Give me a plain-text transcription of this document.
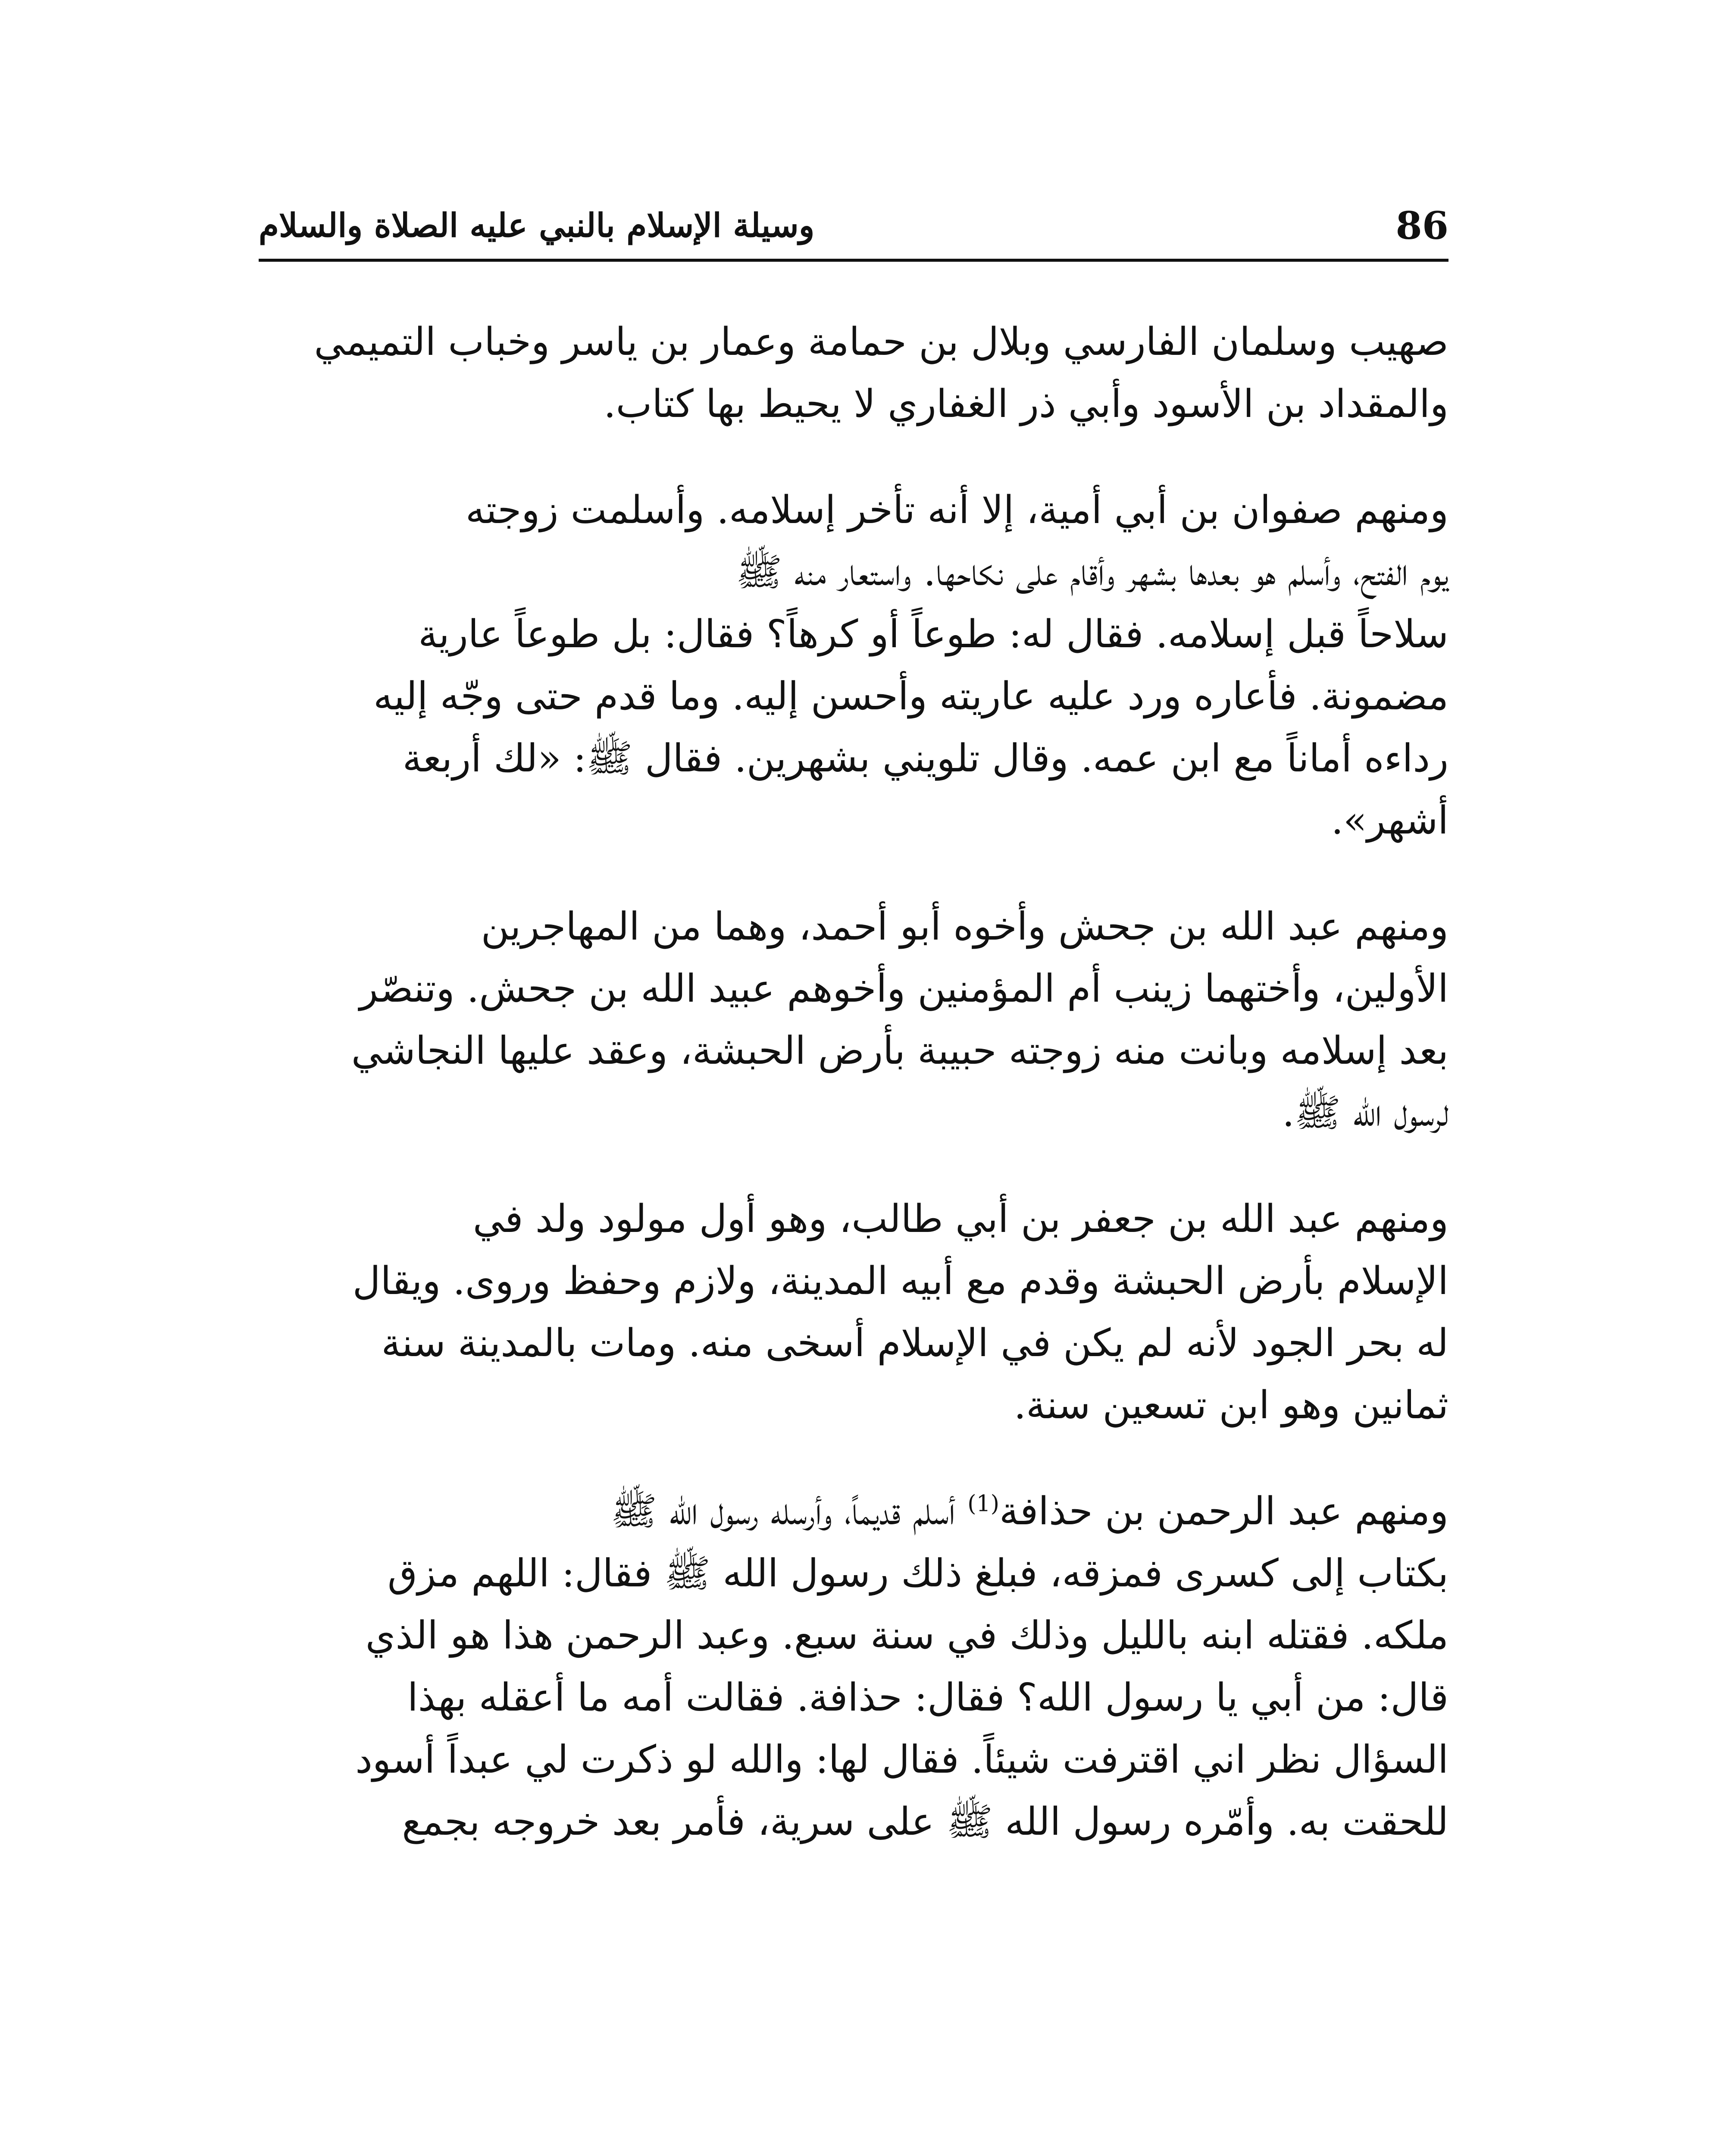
86
وسيلة الإسلام بالنبي عليه الصلاة والسلام

صهيب وسلمان الفارسي وبلال بن حمامة وعمار بن ياسر وخباب التميمي

والمقداد بن الأسود وأبي ذر الغفاري لا يحيط بها كتاب.

ومنهم صفوان بن أبي أمية، إلا أنه تأخر إسلامه. وأسلمت زوجته

يوم الفتح، وأسلم هو بعدها بشهر وأقام على نكاحها. واستعار منه ﷺ

سلاحاً قبل إسلامه. فقال له: طوعاً أو كرهاً؟ فقال: بل طوعاً عارية

مضمونة. فأعاره ورد عليه عاريته وأحسن إليه. وما قدم حتى وجّه إليه

رداءه أماناً مع ابن عمه. وقال تلويني بشهرين. فقال ﷺ: «لك أربعة

أشهر».

ومنهم عبد الله بن جحش وأخوه أبو أحمد، وهما من المهاجرين

الأولين، وأختهما زينب أم المؤمنين وأخوهم عبيد الله بن جحش. وتنصّر

بعد إسلامه وبانت منه زوجته حبيبة بأرض الحبشة، وعقد عليها النجاشي

لرسول الله ﷺ.

ومنهم عبد الله بن جعفر بن أبي طالب، وهو أول مولود ولد في

الإسلام بأرض الحبشة وقدم مع أبيه المدينة، ولازم وحفظ وروى. ويقال

له بحر الجود لأنه لم يكن في الإسلام أسخى منه. ومات بالمدينة سنة

ثمانين وهو ابن تسعين سنة.

ومنهم عبد الرحمن بن حذافة$^{(1)}$ أسلم قديماً، وأرسله رسول الله ﷺ

بكتاب إلى كسرى فمزقه، فبلغ ذلك رسول الله ﷺ فقال: اللهم مزق

ملكه. فقتله ابنه بالليل وذلك في سنة سبع. وعبد الرحمن هذا هو الذي

قال: من أبي يا رسول الله؟ فقال: حذافة. فقالت أمه ما أعقله بهذا

السؤال نظر اني اقترفت شيئاً. فقال لها: والله لو ذكرت لي عبداً أسود

للحقت به. وأمّره رسول الله ﷺ على سرية، فأمر بعد خروجه بجمع
